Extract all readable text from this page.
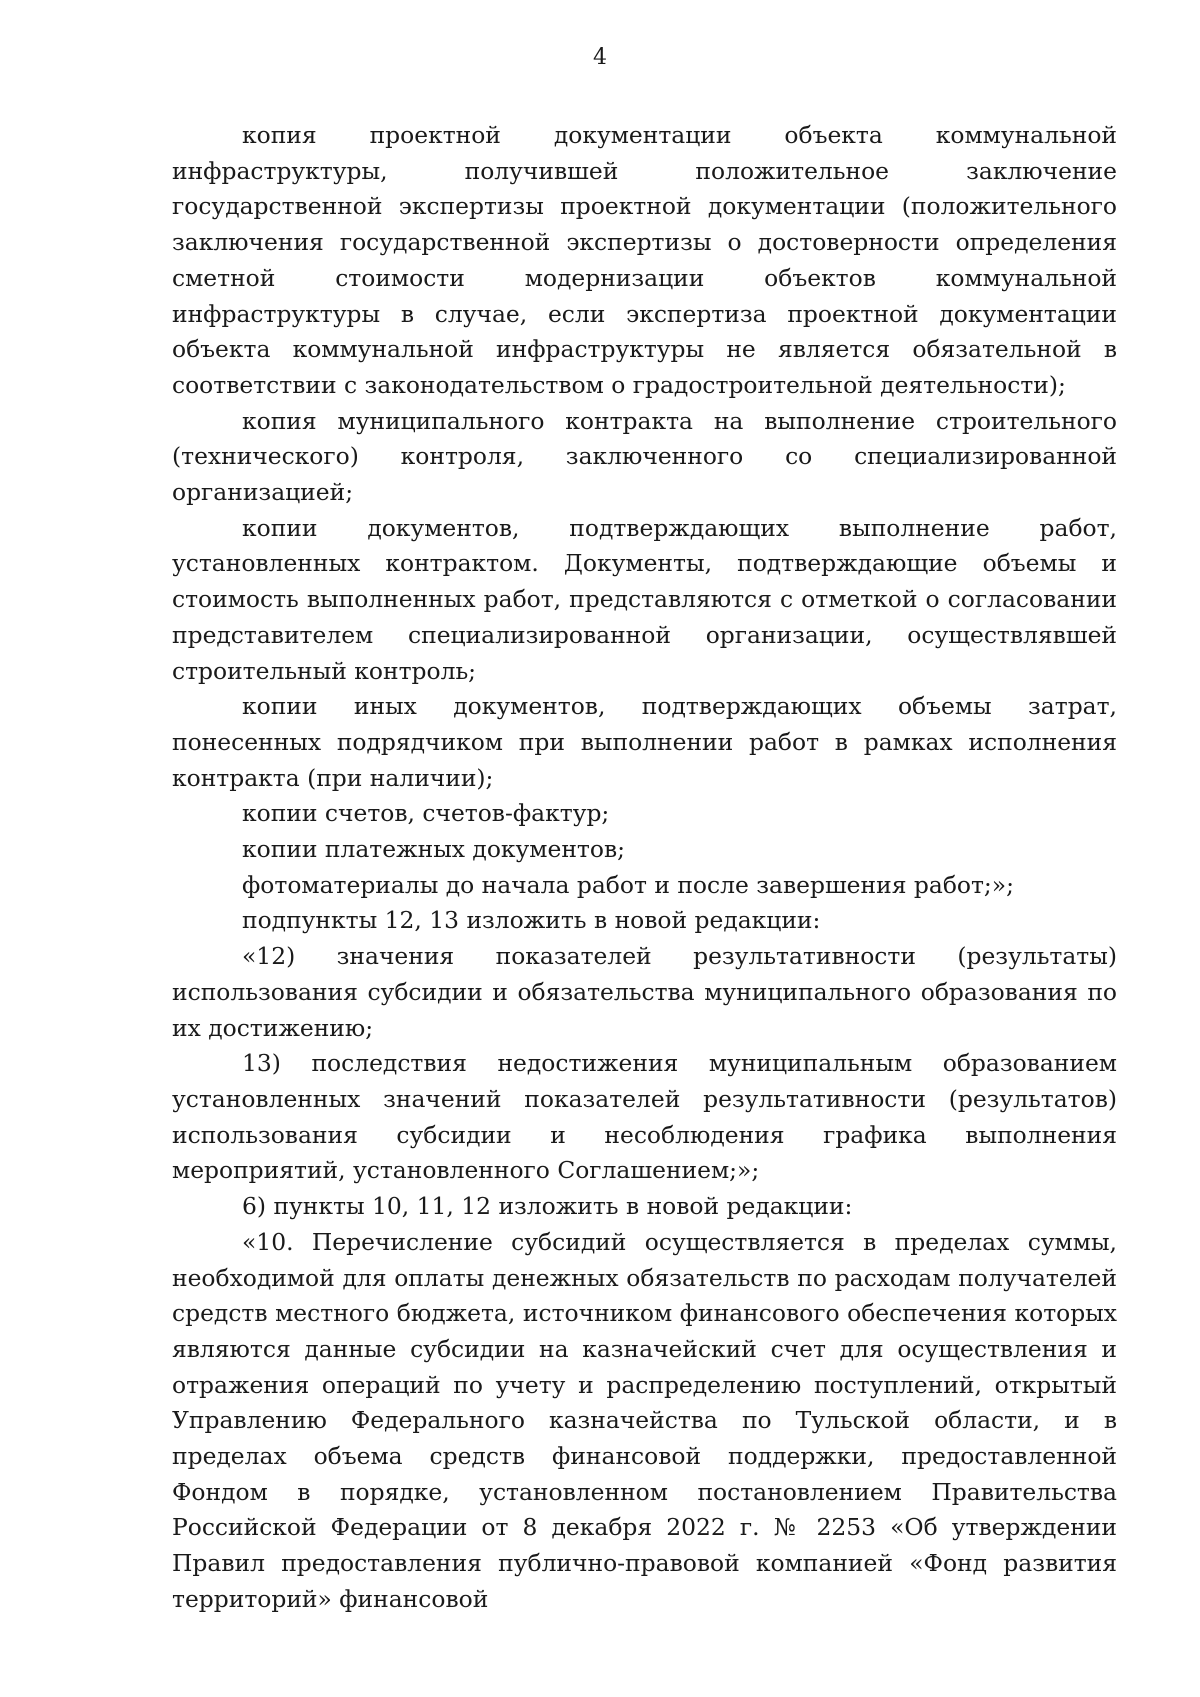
4

копия проектной документации объекта коммунальной инфраструктуры, получившей положительное заключение государственной экспертизы проектной документации (положительного заключения государственной экспертизы о достоверности определения сметной стоимости модернизации объектов коммунальной инфраструктуры в случае, если экспертиза проектной документации объекта коммунальной инфраструктуры не является обязательной в соответствии с законодательством о градостроительной деятельности);

копия муниципального контракта на выполнение строительного (технического) контроля, заключенного со специализированной организацией;

копии документов, подтверждающих выполнение работ, установленных контрактом. Документы, подтверждающие объемы и стоимость выполненных работ, представляются с отметкой о согласовании представителем специализированной организации, осуществлявшей строительный контроль;

копии иных документов, подтверждающих объемы затрат, понесенных подрядчиком при выполнении работ в рамках исполнения контракта (при наличии);

копии счетов, счетов-фактур;

копии платежных документов;

фотоматериалы до начала работ и после завершения работ;»;

подпункты 12, 13 изложить в новой редакции:

«12) значения показателей результативности (результаты) использования субсидии и обязательства муниципального образования по их достижению;

13) последствия недостижения муниципальным образованием установленных значений показателей результативности (результатов) использования субсидии и несоблюдения графика выполнения мероприятий, установленного Соглашением;»;

6) пункты 10, 11, 12 изложить в новой редакции:

«10. Перечисление субсидий осуществляется в пределах суммы, необходимой для оплаты денежных обязательств по расходам получателей средств местного бюджета, источником финансового обеспечения которых являются данные субсидии на казначейский счет для осуществления и отражения операций по учету и распределению поступлений, открытый Управлению Федерального казначейства по Тульской области, и в пределах объема средств финансовой поддержки, предоставленной Фондом в порядке, установленном постановлением Правительства Российской Федерации от 8 декабря 2022 г. № 2253 «Об утверждении Правил предоставления публично-правовой компанией «Фонд развития территорий» финансовой
